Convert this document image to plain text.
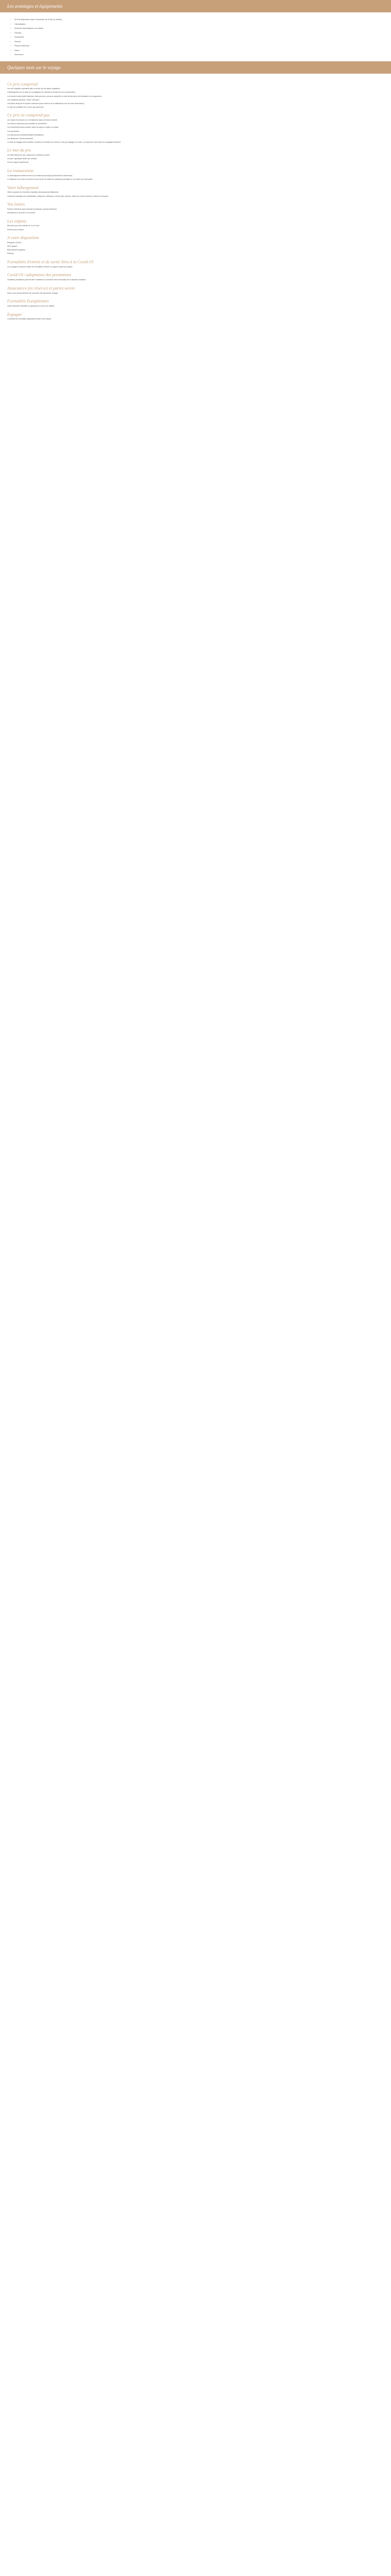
Les avantages et équipements
✓ Wi-Fià disposition dans l'ensemble de l'hôtel (5 étoiles)
✓ Climatisation
✓ Animaux domestiques non admis
✓ Parking
✓ Restaurant
✓ Piscine
✓ Piscine intérieure
✓ Salon
✓ Ascenseur
Quelques mots sur le voyage
Ce prix comprend

Les vols réguliers spécialés aller et retour sur les lignes régulières.

L'hébergement sur la base de la catégorie de chambres choisie lors de la réservation.

La formule choisie (petit déjeuner, demi-pension, pension complète ou tout inclus) selon les indications du programme.

Les transferts aéroport / hôtel / aéroport.

Les taxes aéroport et hausse carburant (sous réserve de modifications lors de votre réservation).

La taxe de solidarité de 4 euros par personne.

Ce prix ne comprend pas

Les repas et boissons non mentionnés dans la formule choisie.

Les frais et dépenses personnelles ou pourboires.

Les éventuelles taxes locales, taxes de séjour à régler sur place.

Les pourboires.

Les assurances complémentaires facultatives.

Les dépenses d'ordre personnel.

Le frais de bagage (sauf mention contraire ou moment du choix de vols) par bagage en soute, y compris les vols selon la compagnie aérienne.

Le mot du pro

Un hôtel idéal pour des vacances en famille au soleil.

Un parc aquatique dédié aux enfants.

Un bon rapport qualité prix.

La restauration

Le petit-déjeuner buffet est servi au restaurant principal (continental et américain).

Le déjeuner et le dîner sont servis sous forme de buffet au restaurant principal ou à la carte sur réservation.

Votre hébergement

Hôtel composé de chambres réparties dans plusieurs bâtiments.

Chambres équipées de climatisation, téléphone, télévision à écran plat, minibar, coffre-fort, sèche-cheveux, balcon ou terrasse.

Vos loisirs

Piscine extérieure avec transats et parasols, piscine intérieure.

Animations en journée et en soirée.

Les enfants

Mini-club pour les enfants de 4 à 12 ans.

Piscine pour enfants.

A votre disposition

Réception 24h/24.

Wi-Fi gratuit.

Blanchisserie (payant).

Parking.

Formalités d'entrée et de sortie liées à la Covid-19

Les voyageurs doivent vérifier les formalités d'entrée en vigueur avant leur départ.

Covid-19 / adaptation des prestations

Certaines prestations peuvent être modifiées ou annulées selon l'évolution de la situation sanitaire.

Assurances (en réserve) et partez serein

Nous vous recommandons de souscrire une assurance voyage.

Formalités Européennes

Carte nationale d'identité ou passeport en cours de validité.

Espagne

Consultez les formalités applicables avant votre départ.
